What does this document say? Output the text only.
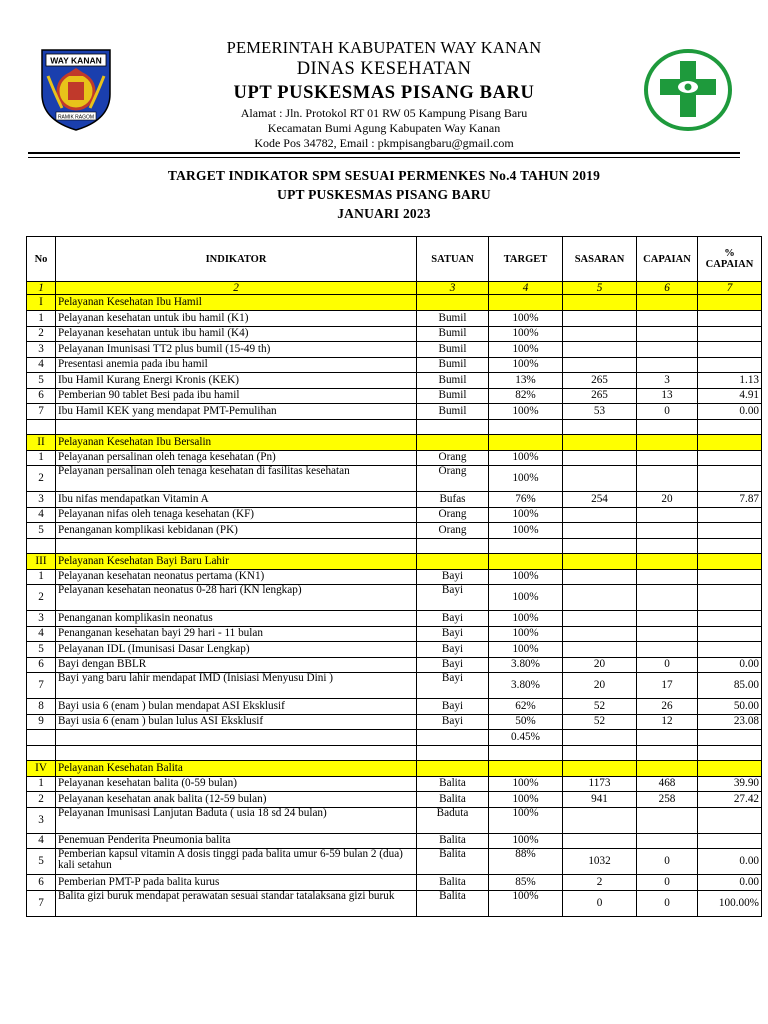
WAY KANAN
RAMIK RAGOM
PEMERINTAH KABUPATEN WAY KANAN
DINAS KESEHATAN
UPT PUSKESMAS PISANG BARU
Alamat : Jln. Protokol RT 01 RW 05 Kampung Pisang Baru
Kecamatan Bumi Agung Kabupaten Way Kanan
Kode Pos 34782, Email : pkmpisangbaru@gmail.com
TARGET INDIKATOR SPM SESUAI PERMENKES No.4 TAHUN 2019
UPT PUSKESMAS PISANG BARU
JANUARI 2023
No	INDIKATOR	SATUAN	TARGET	SASARAN	CAPAIAN	% CAPAIAN
1	2	3	4	5	6	7
I	Pelayanan Kesehatan Ibu Hamil					
1	Pelayanan kesehatan untuk ibu hamil (K1)	Bumil	100%			
2	Pelayanan kesehatan untuk ibu hamil (K4)	Bumil	100%			
3	Pelayanan Imunisasi TT2 plus bumil (15-49 th)	Bumil	100%			
4	Presentasi anemia pada ibu hamil	Bumil	100%			
5	Ibu Hamil Kurang Energi Kronis (KEK)	Bumil	13%	265	3	1.13
6	Pemberian 90 tablet Besi pada ibu hamil	Bumil	82%	265	13	4.91
7	Ibu Hamil KEK yang mendapat PMT-Pemulihan	Bumil	100%	53	0	0.00

II	Pelayanan Kesehatan Ibu Bersalin					
1	Pelayanan persalinan oleh tenaga kesehatan (Pn)	Orang	100%			
2	Pelayanan persalinan oleh tenaga kesehatan di fasilitas kesehatan	Orang	100%			
3	Ibu nifas mendapatkan Vitamin A	Bufas	76%	254	20	7.87
4	Pelayanan nifas oleh tenaga kesehatan (KF)	Orang	100%			
5	Penanganan komplikasi kebidanan (PK)	Orang	100%			

III	Pelayanan Kesehatan Bayi Baru Lahir					
1	Pelayanan kesehatan neonatus pertama (KN1)	Bayi	100%			
2	Pelayanan kesehatan neonatus 0-28 hari (KN lengkap)	Bayi	100%			
3	Penanganan komplikasin neonatus	Bayi	100%			
4	Penanganan kesehatan bayi 29 hari - 11 bulan	Bayi	100%			
5	Pelayanan IDL (Imunisasi Dasar Lengkap)	Bayi	100%			
6	Bayi dengan BBLR	Bayi	3.80%	20	0	0.00
7	Bayi yang baru lahir mendapat IMD (Inisiasi Menyusu Dini )	Bayi	3.80%	20	17	85.00
8	Bayi usia 6 (enam ) bulan mendapat ASI Eksklusif	Bayi	62%	52	26	50.00
9	Bayi usia 6 (enam ) bulan lulus ASI Eksklusif	Bayi	50%	52	12	23.08
			0.45%			

IV	Pelayanan Kesehatan Balita					
1	Pelayanan kesehatan balita (0-59 bulan)	Balita	100%	1173	468	39.90
2	Pelayanan kesehatan anak balita (12-59 bulan)	Balita	100%	941	258	27.42
3	Pelayanan Imunisasi Lanjutan Baduta ( usia 18 sd 24 bulan)	Baduta	100%			
4	Penemuan Penderita Pneumonia balita	Balita	100%			
5	Pemberian kapsul vitamin A dosis tinggi pada balita umur 6-59 bulan 2 (dua) kali setahun	Balita	88%	1032	0	0.00
6	Pemberian PMT-P pada balita kurus	Balita	85%	2	0	0.00
7	Balita gizi buruk mendapat perawatan sesuai standar tatalaksana gizi buruk	Balita	100%	0	0	100.00%
